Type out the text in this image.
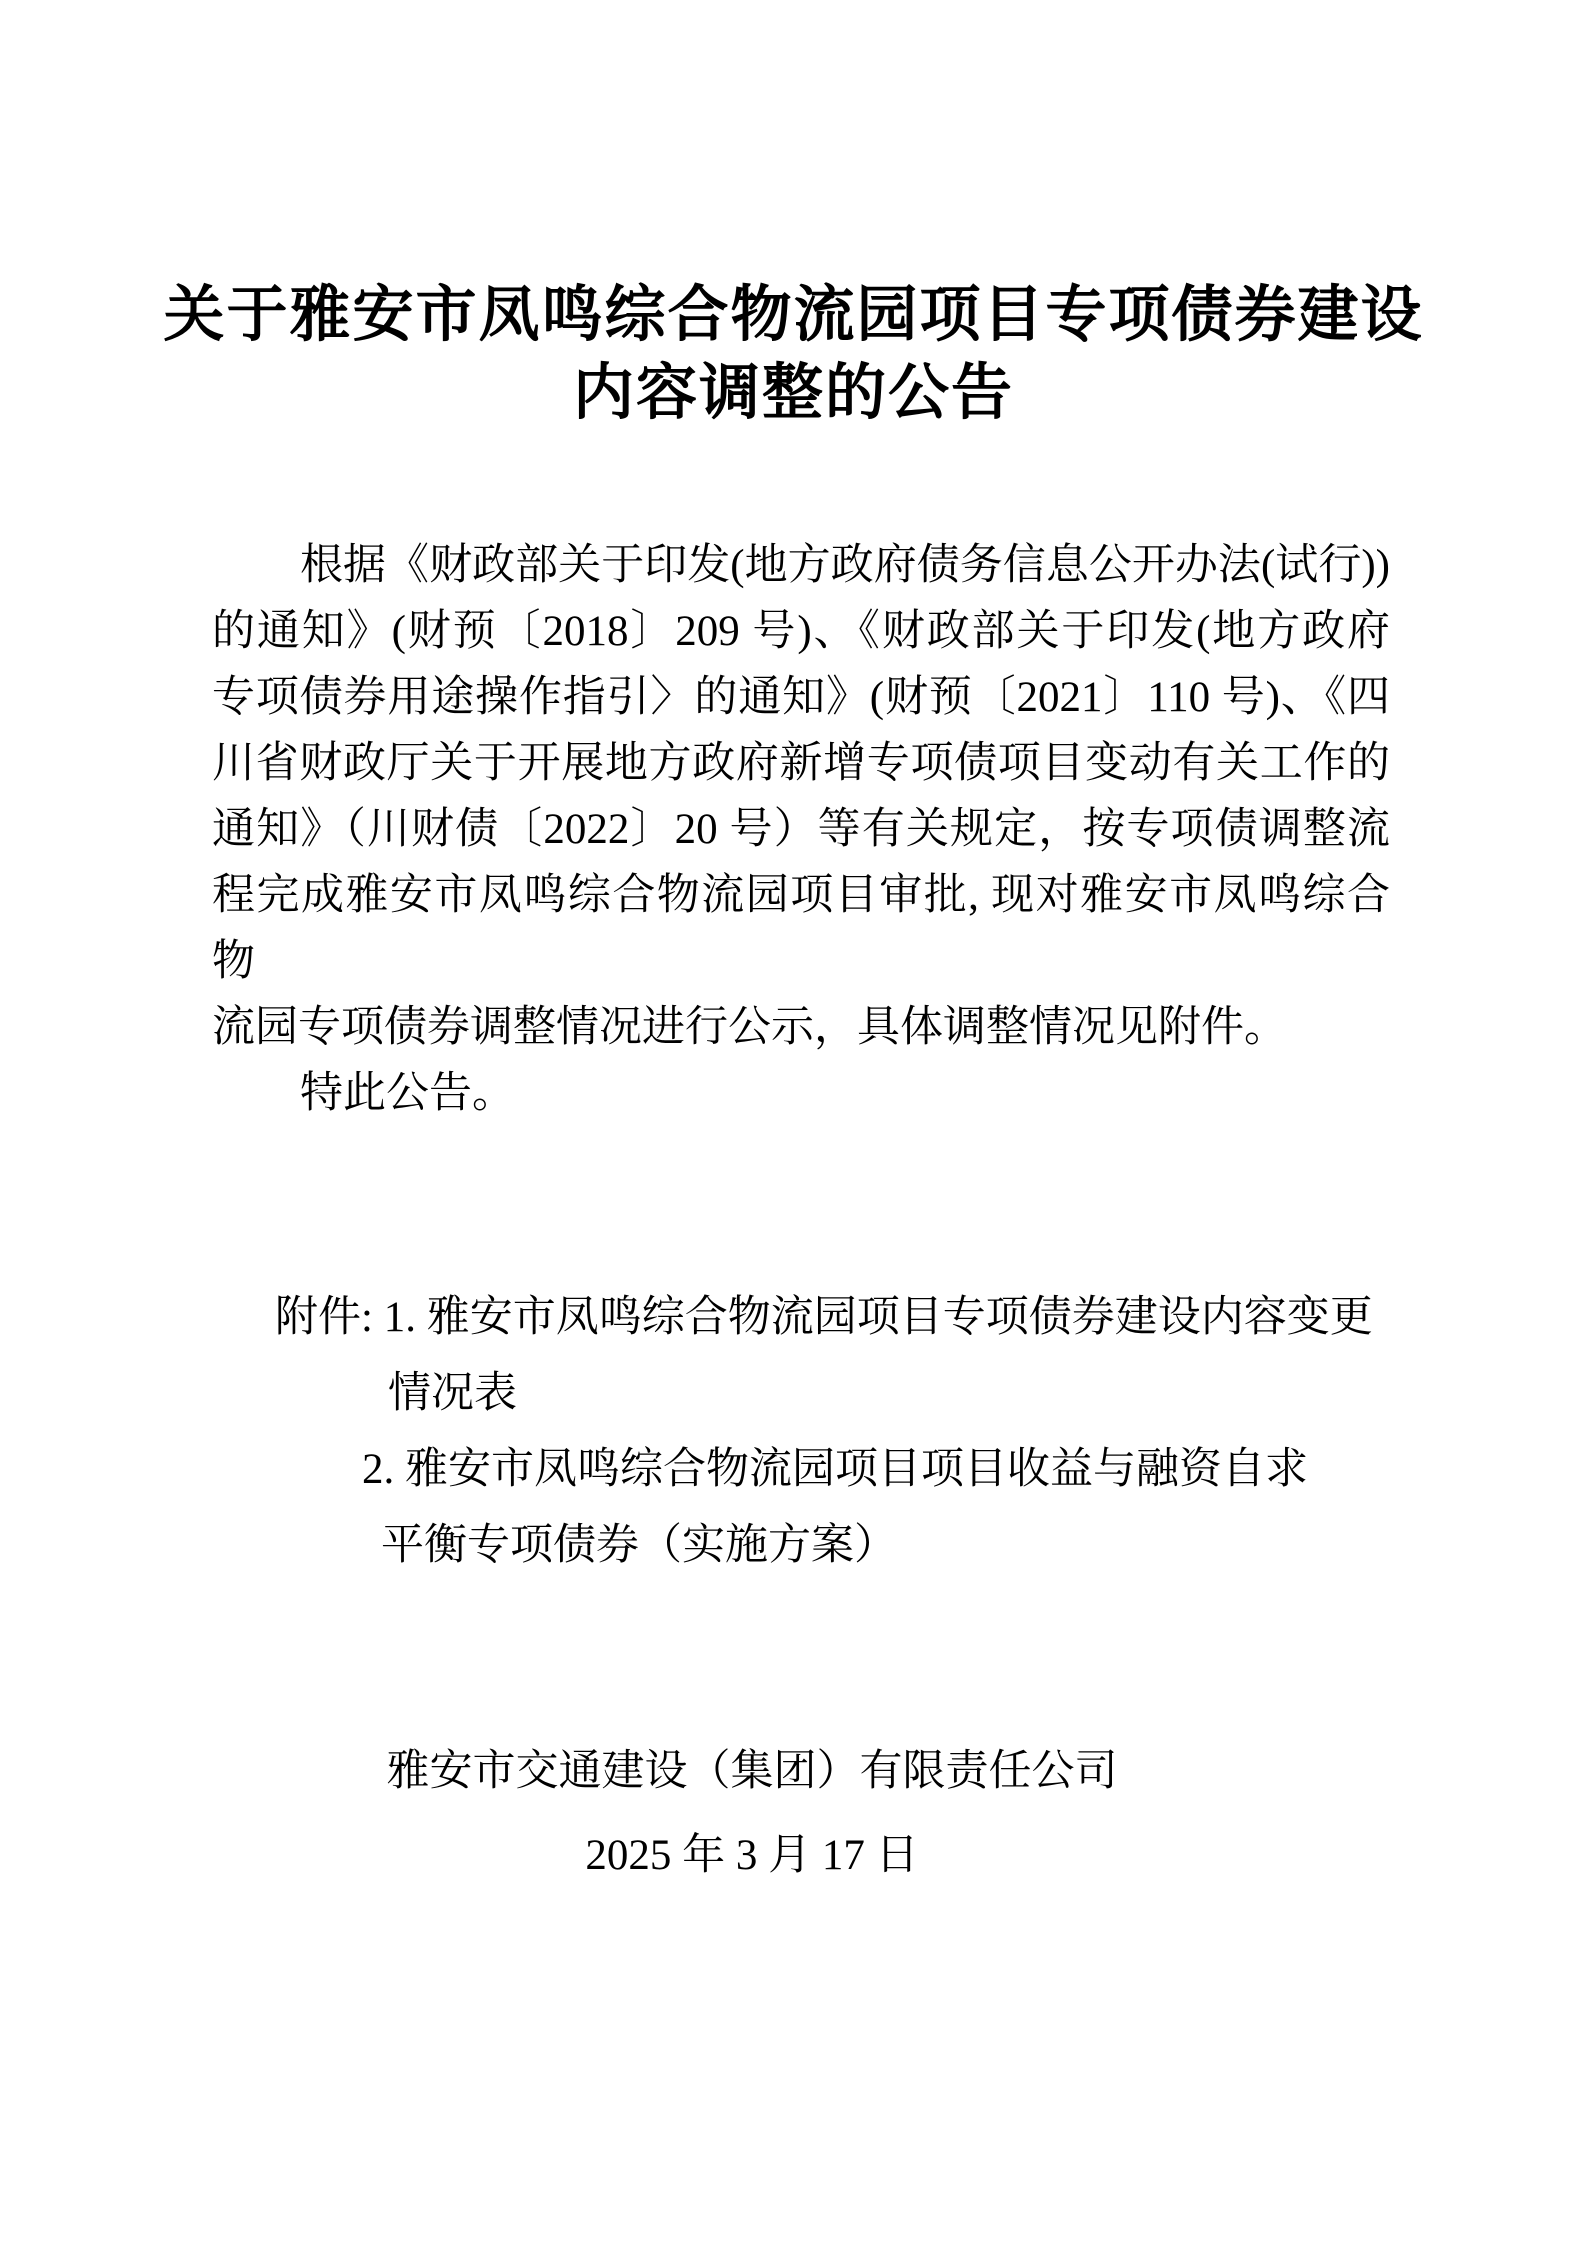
关于雅安市凤鸣综合物流园项目专项债券建设
内容调整的公告
根据《财政部关于印发(地方政府债务信息公开办法(试行))
的通知》(财预〔2018〕209 号)、《财政部关于印发(地方政府
专项债券用途操作指引〉的通知》(财预〔2021〕110 号)、《四
川省财政厅关于开展地方政府新增专项债项目变动有关工作的
通知》（川财债〔2022〕20 号）等有关规定，按专项债调整流
程完成雅安市凤鸣综合物流园项目审批, 现对雅安市凤鸣综合物
流园专项债券调整情况进行公示，具体调整情况见附件。
特此公告。
附件: 1. 雅安市凤鸣综合物流园项目专项债券建设内容变更
情况表
2. 雅安市凤鸣综合物流园项目项目收益与融资自求
平衡专项债券（实施方案）
雅安市交通建设（集团）有限责任公司
2025 年 3 月 17 日
